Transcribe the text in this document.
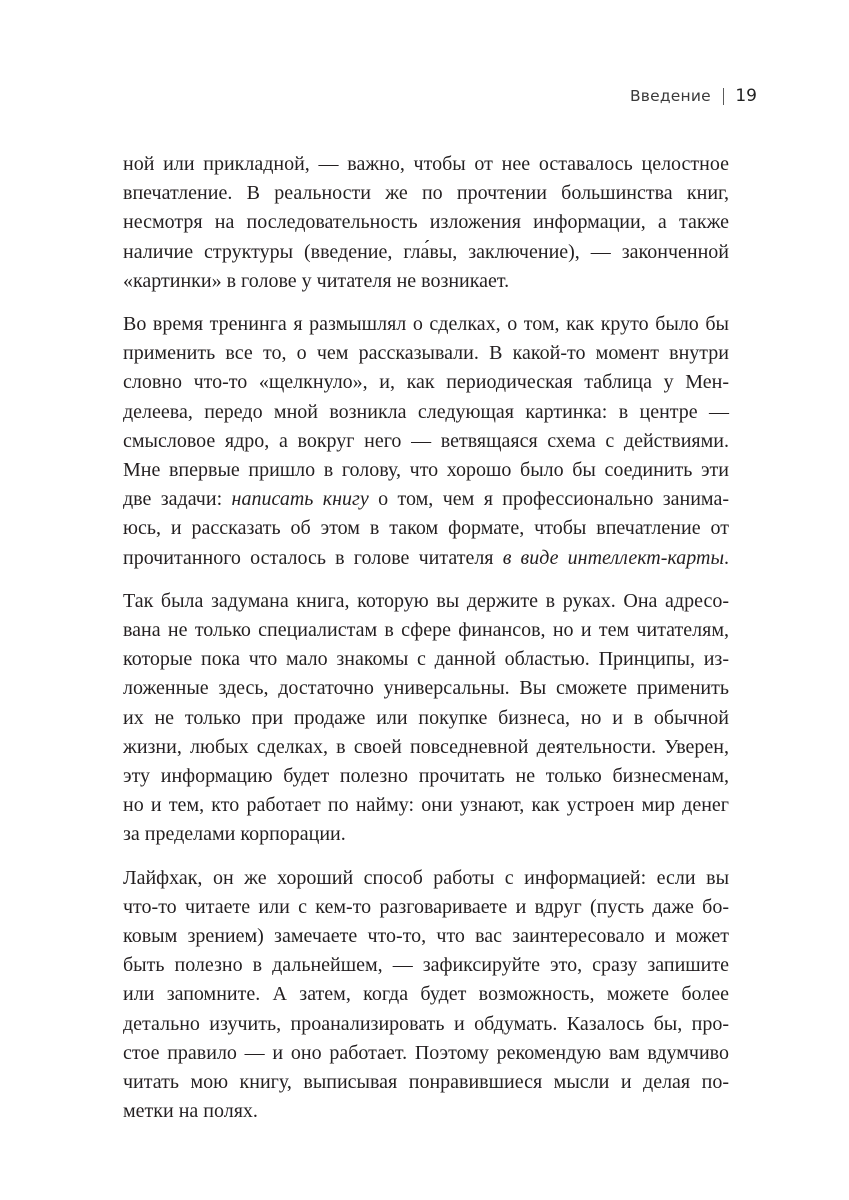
Введение 19
ной или прикладной, — важно, чтобы от нее оставалось целостное
впечатление. В реальности же по прочтении большинства книг,
несмотря на последовательность изложения информации, а также
наличие структуры (введение, гла́вы, заключение), — законченной
«картинки» в голове у читателя не возникает.
Во время тренинга я размышлял о сделках, о том, как круто было бы
применить все то, о чем рассказывали. В какой-то момент внутри
словно что-то «щелкнуло», и, как периодическая таблица у Мен-
делеева, передо мной возникла следующая картинка: в центре —
смысловое ядро, а вокруг него — ветвящаяся схема с действиями.
Мне впервые пришло в голову, что хорошо было бы соединить эти
две задачи: написать книгу о том, чем я профессионально занима-
юсь, и рассказать об этом в таком формате, чтобы впечатление от
прочитанного осталось в голове читателя в виде интеллект-карты.
Так была задумана книга, которую вы держите в руках. Она адресо-
вана не только специалистам в сфере финансов, но и тем читателям,
которые пока что мало знакомы с данной областью. Принципы, из-
ложенные здесь, достаточно универсальны. Вы сможете применить
их не только при продаже или покупке бизнеса, но и в обычной
жизни, любых сделках, в своей повседневной деятельности. Уверен,
эту информацию будет полезно прочитать не только бизнесменам,
но и тем, кто работает по найму: они узнают, как устроен мир денег
за пределами корпорации.
Лайфхак, он же хороший способ работы с информацией: если вы
что-то читаете или с кем-то разговариваете и вдруг (пусть даже бо-
ковым зрением) замечаете что-то, что вас заинтересовало и может
быть полезно в дальнейшем, — зафиксируйте это, сразу запишите
или запомните. А затем, когда будет возможность, можете более
детально изучить, проанализировать и обдумать. Казалось бы, про-
стое правило — и оно работает. Поэтому рекомендую вам вдумчиво
читать мою книгу, выписывая понравившиеся мысли и делая по-
метки на полях.
